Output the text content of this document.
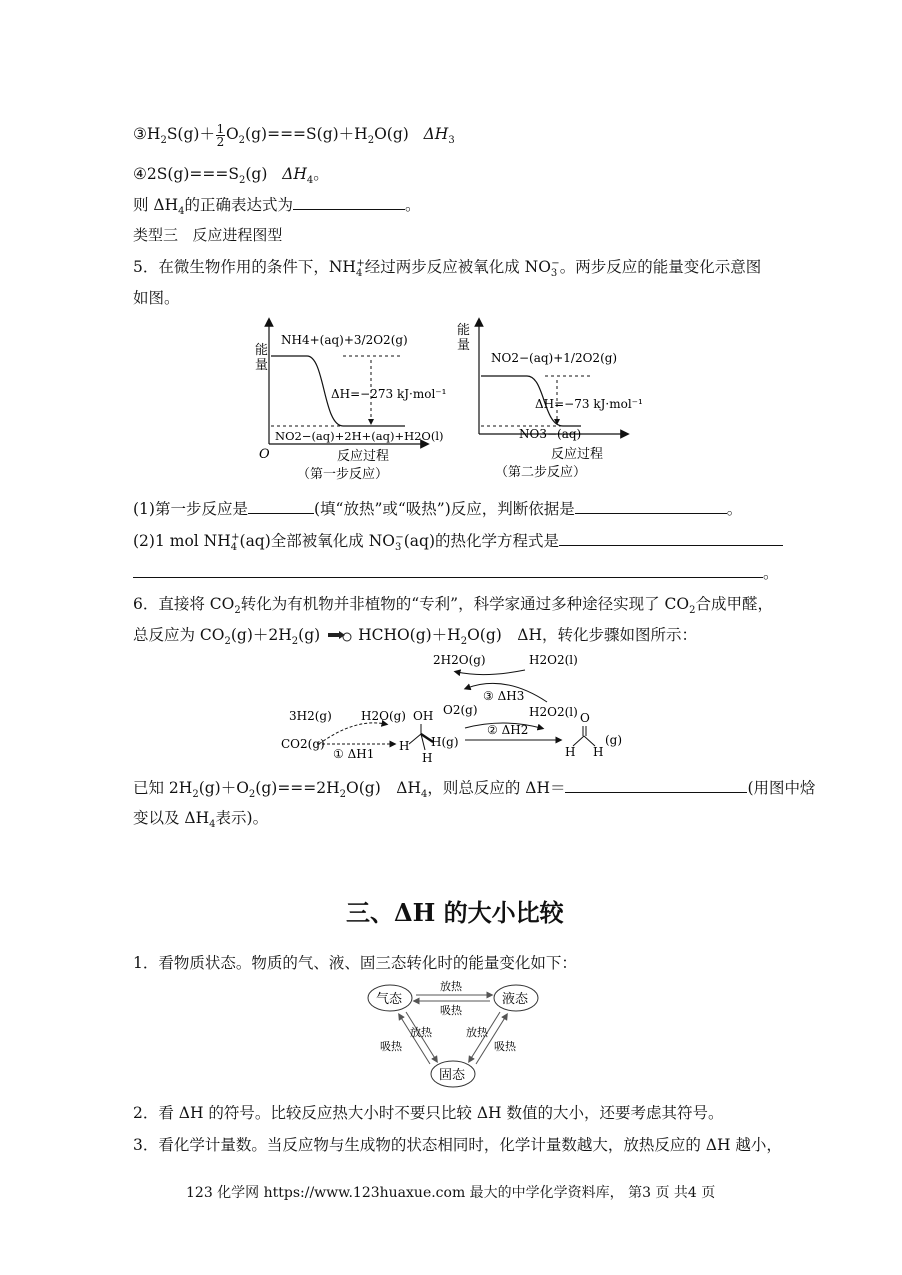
$③H_2S(g)+ \frac{1}{2} O_2(g)===S(g)+H_2O(g)$ $\Delta H_3$
$④2S(g)===S_2(g)$ $\Delta H_4$。
则 $\Delta H_4$的正确表达式为	。
类型三 反应进程图型
5．在微生物作用的条件下，$NH_4^+$经过两步反应被氧化成 $NO_3^-$。两步反应的能量变化示意图
如图。
能
量
O
NH4+(aq)+3/2O2(g)
ΔH=−273 kJ·mol⁻¹
NO2−(aq)+2H+(aq)+H2O(l)
反应过程
（第一步反应）
能
量
NO2−(aq)+1/2O2(g)
ΔH=−73 kJ·mol⁻¹
NO3−(aq)
反应过程
（第二步反应）
(1)第一步反应是	(填“放热”或“吸热”)反应，判断依据是	。
(2)1 mol $NH_4^+(aq)$全部被氧化成 $NO_3^-(aq)$的热化学方程式是
。
6．直接将 $CO_2$转化为有机物并非植物的“专利”，科学家通过多种途径实现了 $CO_2$合成甲醛，
总反应为 $CO_2(g)+2H_2(g)$ $HCHO(g)+H_2O(g)$　ΔH，转化步骤如图所示：
2H2O(g)	H2O2(l)
③ ΔH3
3H2(g) H2O(g) OH O2(g)	H2O2(l)
CO2(g)
① ΔH1
H H(g)
H
② ΔH2
O
H H
(g)
已知 $2H_2(g)+O_2(g)===2H_2O(g)$　$\Delta H_4$，则总反应的 ΔH＝	(用图中焓
变以及 $\Delta H_4$表示)。
三、ΔH 的大小比较
1．看物质状态。物质的气、液、固三态转化时的能量变化如下：
气态	液态
固态
放热
吸热
放热
吸热
放热
吸热
2．看 ΔH 的符号。比较反应热大小时不要只比较 ΔH 数值的大小，还要考虑其符号。
3．看化学计量数。当反应物与生成物的状态相同时，化学计量数越大，放热反应的 ΔH 越小，
123 化学网 https://www.123huaxue.com 最大的中学化学资料库， 第3 页 共4 页
